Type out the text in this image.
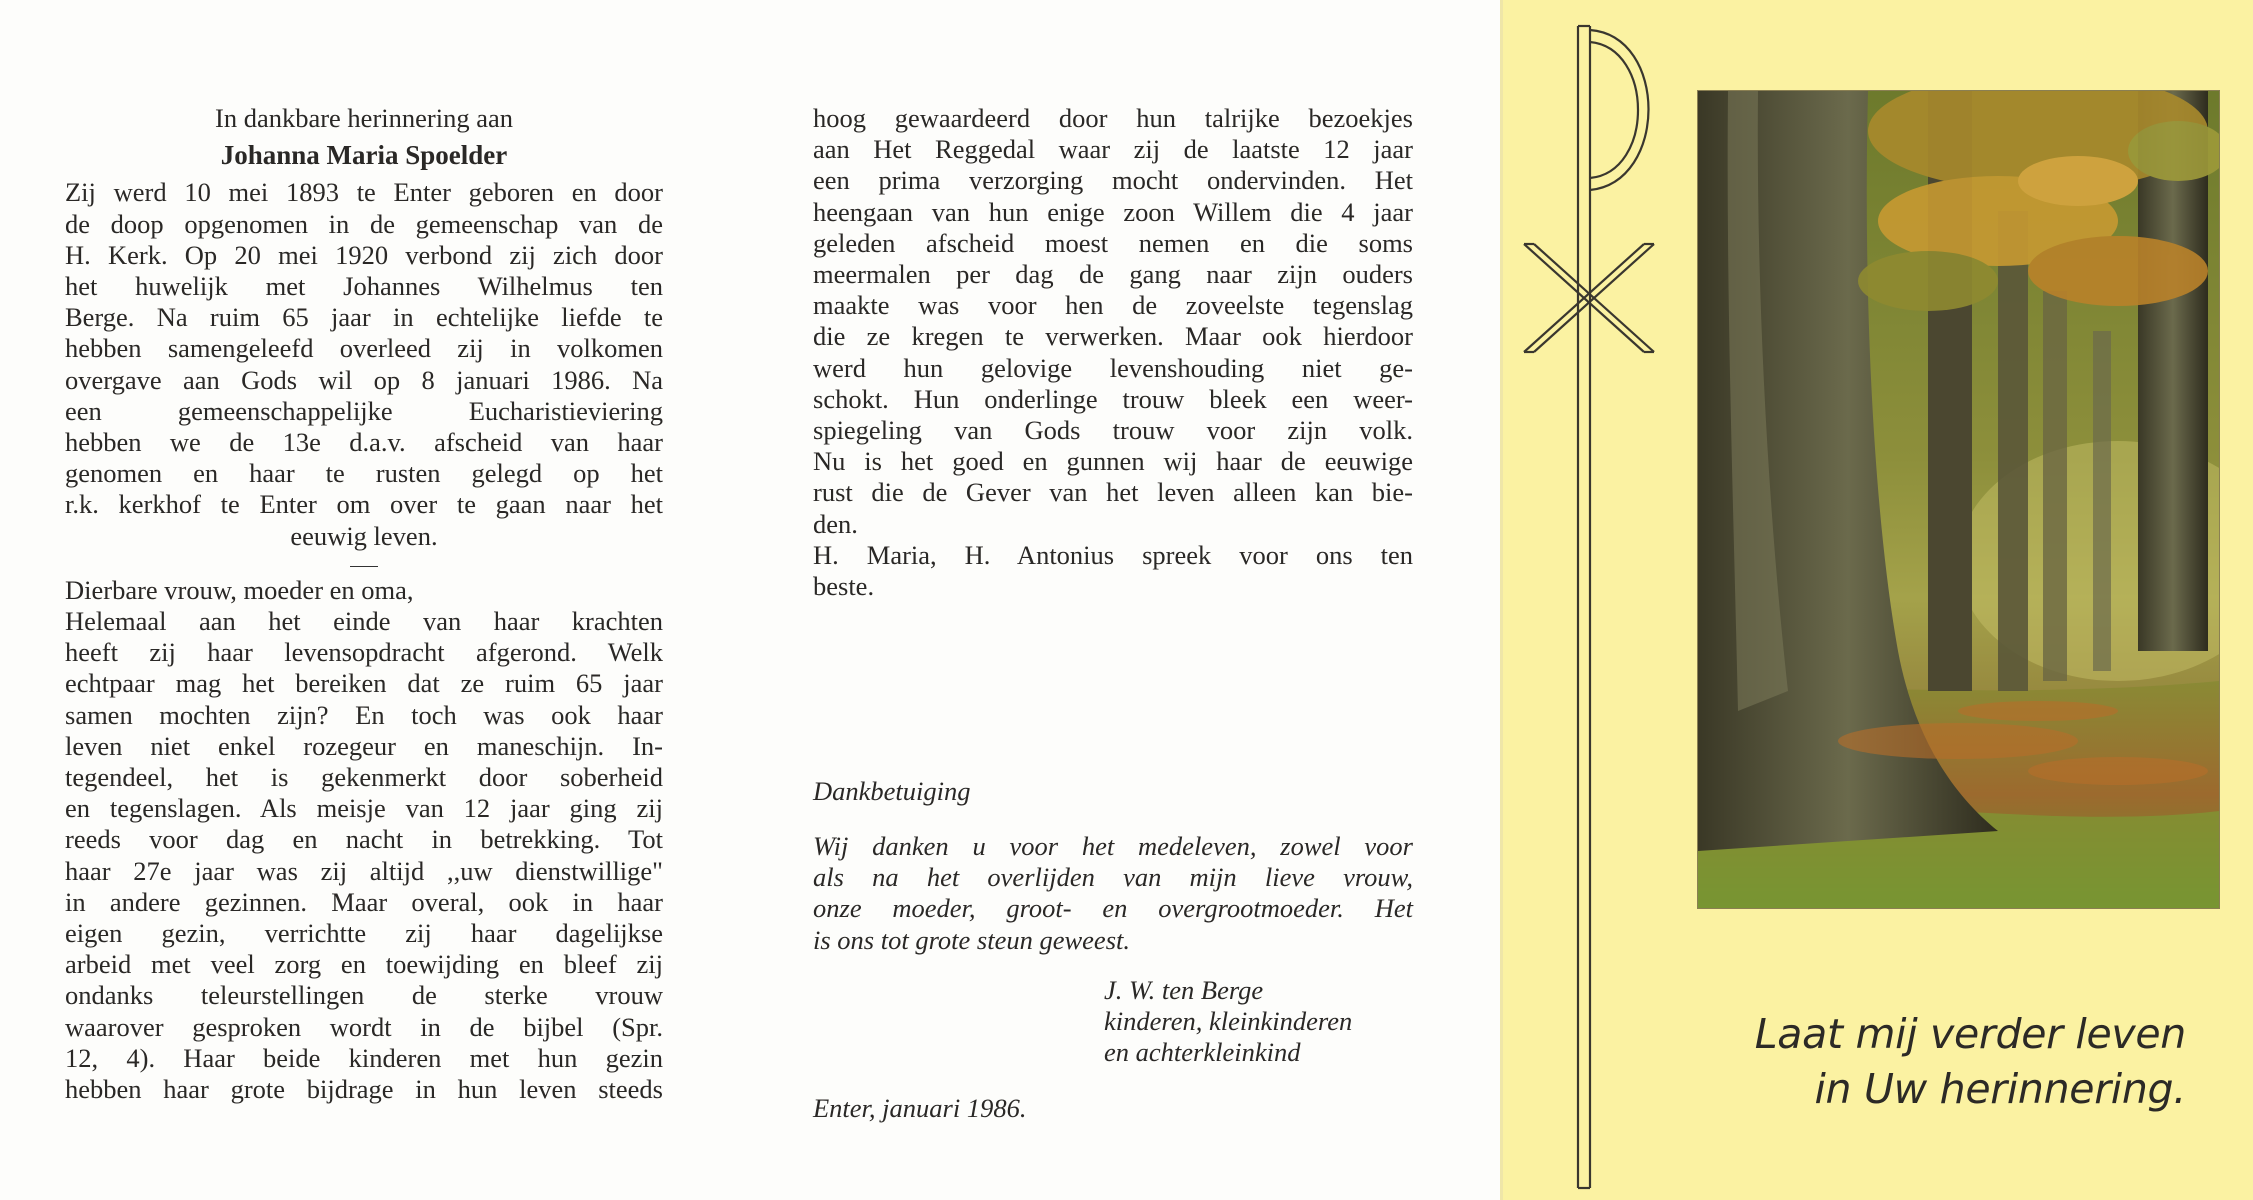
In dankbare herinnering aan

Johanna Maria Spoelder

Zij werd 10 mei 1893 te Enter geboren en door

de doop opgenomen in de gemeenschap van de

H. Kerk. Op 20 mei 1920 verbond zij zich door

het huwelijk met Johannes Wilhelmus ten

Berge. Na ruim 65 jaar in echtelijke liefde te

hebben samengeleefd overleed zij in volkomen

overgave aan Gods wil op 8 januari 1986. Na

een gemeenschappelijke Eucharistieviering

hebben we de 13e d.a.v. afscheid van haar

genomen en haar te rusten gelegd op het

r.k. kerkhof te Enter om over te gaan naar het

eeuwig leven.

Dierbare vrouw, moeder en oma,

Helemaal aan het einde van haar krachten

heeft zij haar levensopdracht afgerond. Welk

echtpaar mag het bereiken dat ze ruim 65 jaar

samen mochten zijn? En toch was ook haar

leven niet enkel rozegeur en maneschijn. In-

tegendeel, het is gekenmerkt door soberheid

en tegenslagen. Als meisje van 12 jaar ging zij

reeds voor dag en nacht in betrekking. Tot

haar 27e jaar was zij altijd ,,uw dienstwillige"

in andere gezinnen. Maar overal, ook in haar

eigen gezin, verrichtte zij haar dagelijkse

arbeid met veel zorg en toewijding en bleef zij

ondanks teleurstellingen de sterke vrouw

waarover gesproken wordt in de bijbel (Spr.

12, 4). Haar beide kinderen met hun gezin

hebben haar grote bijdrage in hun leven steeds

hoog gewaardeerd door hun talrijke bezoekjes

aan Het Reggedal waar zij de laatste 12 jaar

een prima verzorging mocht ondervinden. Het

heengaan van hun enige zoon Willem die 4 jaar

geleden afscheid moest nemen en die soms

meermalen per dag de gang naar zijn ouders

maakte was voor hen de zoveelste tegenslag

die ze kregen te verwerken. Maar ook hierdoor

werd hun gelovige levenshouding niet ge-

schokt. Hun onderlinge trouw bleek een weer-

spiegeling van Gods trouw voor zijn volk.

Nu is het goed en gunnen wij haar de eeuwige

rust die de Gever van het leven alleen kan bie-

den.

H. Maria, H. Antonius spreek voor ons ten

beste.

Dankbetuiging

Wij danken u voor het medeleven, zowel voor

als na het overlijden van mijn lieve vrouw,

onze moeder, groot- en overgrootmoeder. Het

is ons tot grote steun geweest.

J. W. ten Berge
kinderen, kleinkinderen
en achterkleinkind
Enter, januari 1986.
Laat mij verder leven
in Uw herinnering.
